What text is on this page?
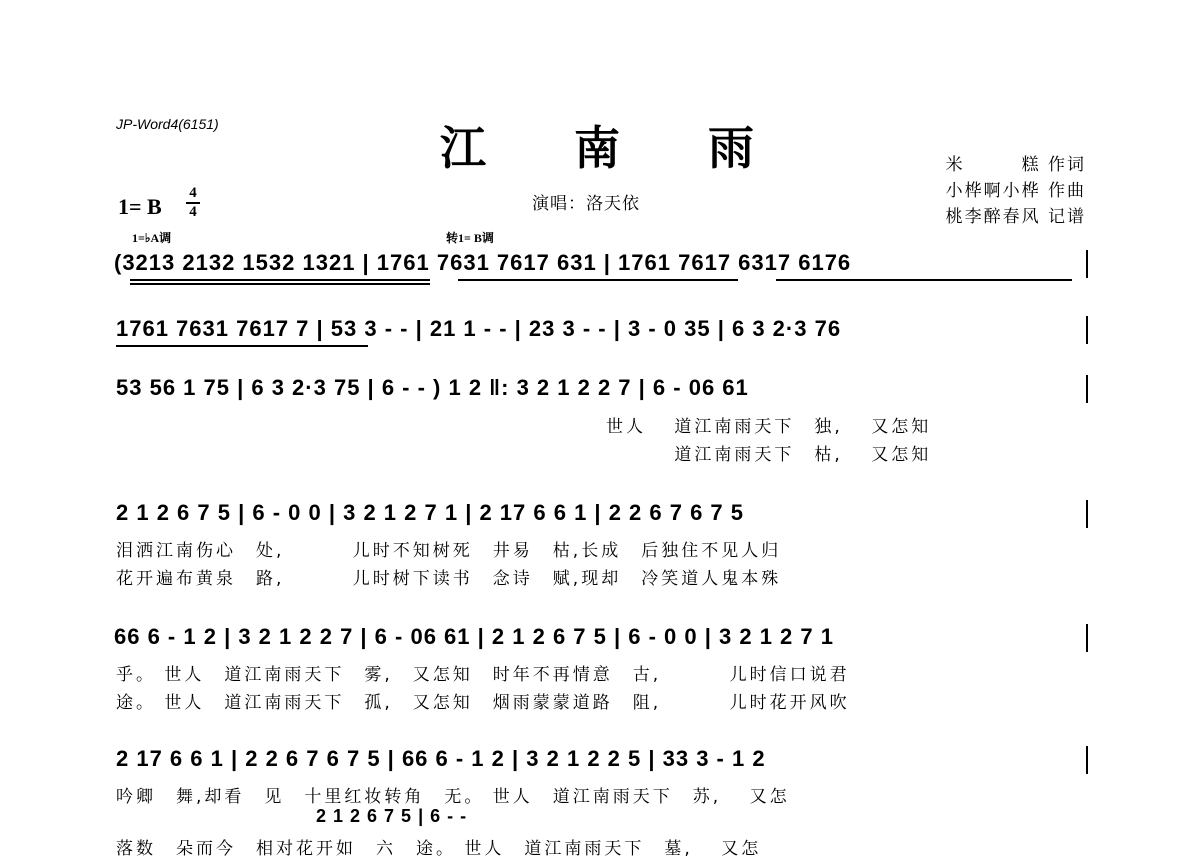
JP-Word4(6151)	江南雨	米　　　糕 作词
小桦啊小桦 作曲
桃李醉春风 记谱
演唱：洛天依
1= B
4
4
1=♭A调	转1= B调
(3213 2132 1532 1321 | 1761 7631 7617 631 | 1761 7617 6317 6176
1761 7631 7617 7 | 53 3 - - | 21 1 - - | 23 3 - - | 3 - 0 35 | 6 3 2·3 76
53 56 1 75 | 6 3 2·3 75 | 6 - - ) 1 2 ‖: 3 2 1 2 2 7 | 6 - 06 61
世人　 道江南雨天下　独,　 又怎知
　　　 道江南雨天下　枯,　 又怎知
2 1 2 6 7 5 | 6 - 0 0 | 3 2 1 2 7 1 | 2 17 6 6 1 | 2 2 6 7 6 7 5
泪洒江南伤心　处,　　　 儿时不知树死　井易　枯,长成　后独住不见人归
花开遍布黄泉　路,　　　 儿时树下读书　念诗　赋,现却　冷笑道人鬼本殊
66 6 - 1 2 | 3 2 1 2 2 7 | 6 - 06 61 | 2 1 2 6 7 5 | 6 - 0 0 | 3 2 1 2 7 1
乎。 世人　道江南雨天下　雾,　又怎知　时年不再情意　古,　　　 儿时信口说君
途。 世人　道江南雨天下　孤,　又怎知　烟雨蒙蒙道路　阻,　　　 儿时花开风吹
2 17 6 6 1 | 2 2 6 7 6 7 5 | 66 6 - 1 2 | 3 2 1 2 2 5 | 33 3 - 1 2
吟卿　舞,却看　见　十里红妆转角　无。 世人　道江南雨天下　苏,　 又怎
2 1 2 6 7 5 | 6 - -
落数　朵而今　相对花开如　六　途。 世人　道江南雨天下　墓,　 又怎
